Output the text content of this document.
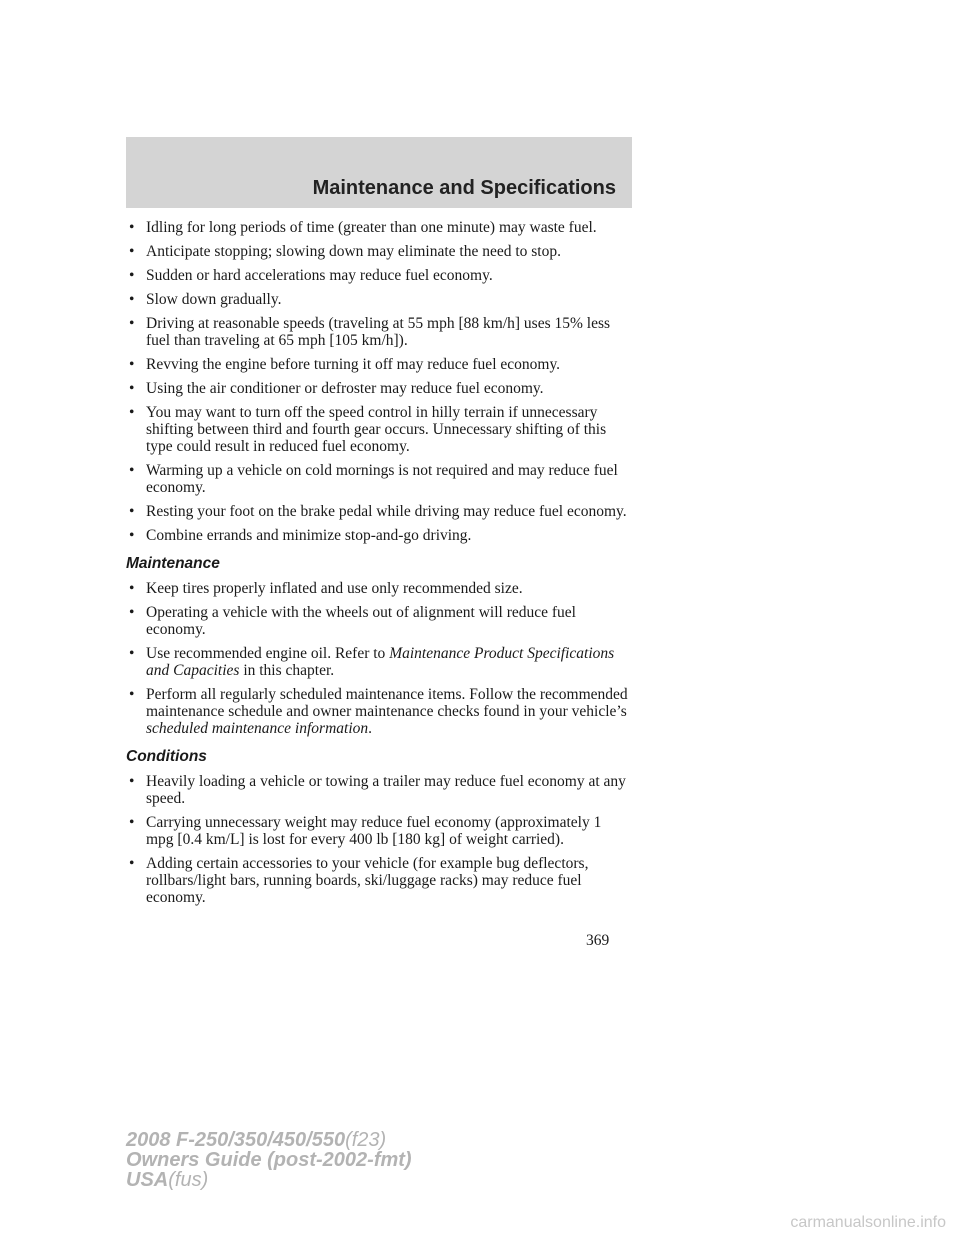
Maintenance and Specifications
• Idling for long periods of time (greater than one minute) may waste fuel.
• Anticipate stopping; slowing down may eliminate the need to stop.
• Sudden or hard accelerations may reduce fuel economy.
• Slow down gradually.
• Driving at reasonable speeds (traveling at 55 mph [88 km/h] uses 15% less fuel than traveling at 65 mph [105 km/h]).
• Revving the engine before turning it off may reduce fuel economy.
• Using the air conditioner or defroster may reduce fuel economy.
• You may want to turn off the speed control in hilly terrain if unnecessary shifting between third and fourth gear occurs. Unnecessary shifting of this type could result in reduced fuel economy.
• Warming up a vehicle on cold mornings is not required and may reduce fuel economy.
• Resting your foot on the brake pedal while driving may reduce fuel economy.
• Combine errands and minimize stop-and-go driving.
Maintenance
• Keep tires properly inflated and use only recommended size.
• Operating a vehicle with the wheels out of alignment will reduce fuel economy.
• Use recommended engine oil. Refer to Maintenance Product Specifications and Capacities in this chapter.
• Perform all regularly scheduled maintenance items. Follow the recommended maintenance schedule and owner maintenance checks found in your vehicle’s scheduled maintenance information.
Conditions
• Heavily loading a vehicle or towing a trailer may reduce fuel economy at any speed.
• Carrying unnecessary weight may reduce fuel economy (approximately 1 mpg [0.4 km/L] is lost for every 400 lb [180 kg] of weight carried).
• Adding certain accessories to your vehicle (for example bug deflectors, rollbars/light bars, running boards, ski/luggage racks) may reduce fuel economy.
369
2008 F-250/350/450/550(f23)
Owners Guide (post-2002-fmt)
USA(fus)
carmanualsonline.info
